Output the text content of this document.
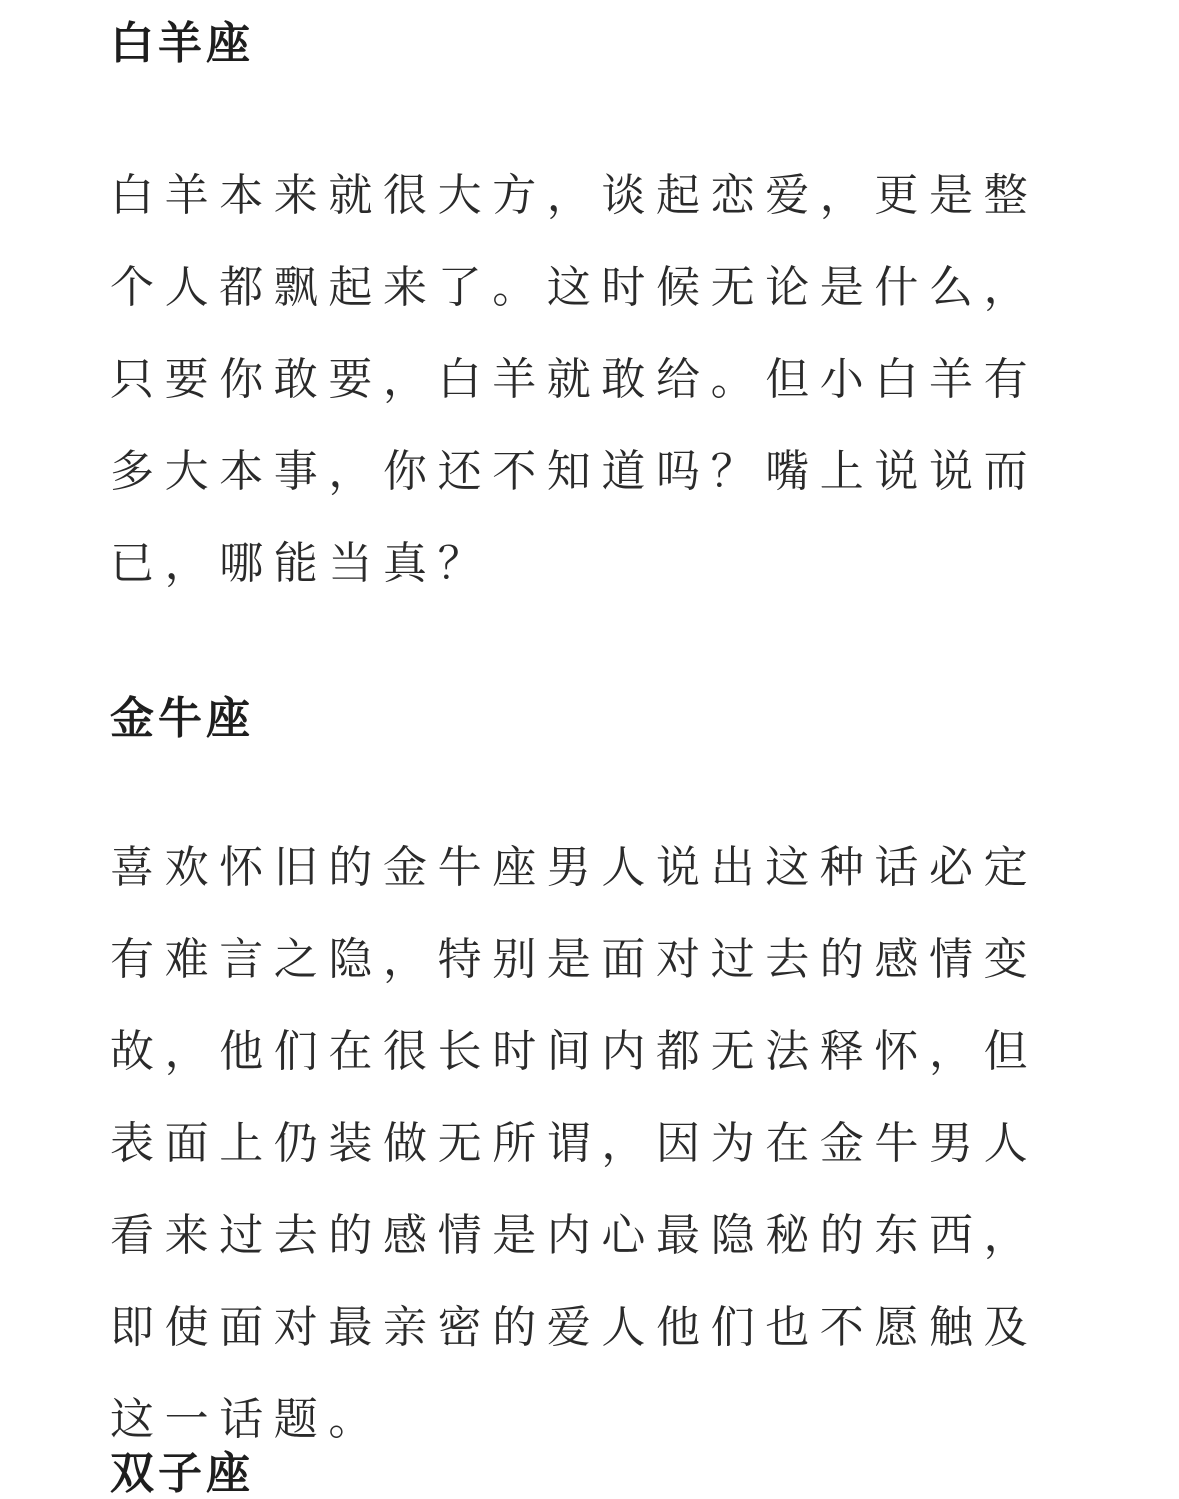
白羊座

白羊本来就很大方，谈起恋爱，更是整个人都飘起来了。这时候无论是什么，只要你敢要，白羊就敢给。但小白羊有多大本事，你还不知道吗？嘴上说说而已，哪能当真？

金牛座

喜欢怀旧的金牛座男人说出这种话必定有难言之隐，特别是面对过去的感情变故，他们在很长时间内都无法释怀，但表面上仍装做无所谓，因为在金牛男人看来过去的感情是内心最隐秘的东西，即使面对最亲密的爱人他们也不愿触及这一话题。

双子座
